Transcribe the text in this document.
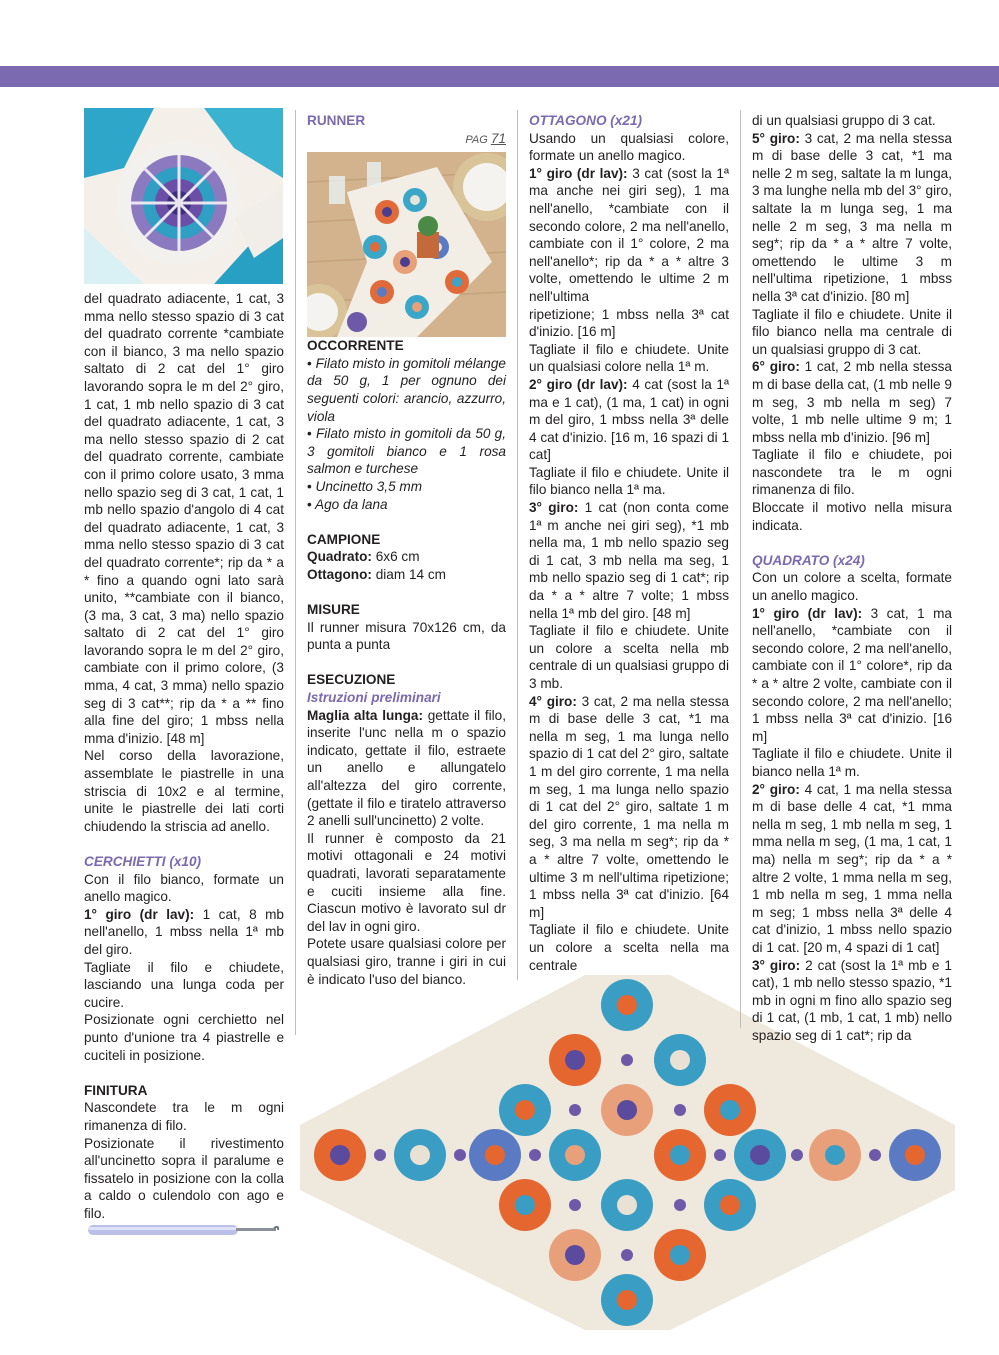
del quadrato adiacente, 1 cat, 3 mma nello stesso spazio di 3 cat del quadrato corrente *cambiate con il bianco, 3 ma nello spazio saltato di 2 cat del 1° giro lavorando sopra le m del 2° giro, 1 cat, 1 mb nello spazio di 3 cat del quadrato adiacente, 1 cat, 3 ma nello stesso spazio di 2 cat del quadrato corrente, cambiate con il primo colore usato, 3 mma nello spazio seg di 3 cat, 1 cat, 1 mb nello spazio d'angolo di 4 cat del quadrato adiacente, 1 cat, 3 mma nello stesso spazio di 3 cat del quadrato corrente*; rip da * a * fino a quando ogni lato sarà unito, **cambiate con il bianco, (3 ma, 3 cat, 3 ma) nello spazio saltato di 2 cat del 1° giro lavorando sopra le m del 2° giro, cambiate con il primo colore, (3 mma, 4 cat, 3 mma) nello spazio seg di 3 cat**; rip da * a ** fino alla fine del giro; 1 mbss nella mma d'inizio. [48 m]

Nel corso della lavorazione, assemblate le piastrelle in una striscia di 10x2 e al termine, unite le piastrelle dei lati corti chiudendo la striscia ad anello.

CERCHIETTI (x10)

Con il filo bianco, formate un anello magico.

1° giro (dr lav): 1 cat, 8 mb nell'anello, 1 mbss nella 1ª mb del giro.

Tagliate il filo e chiudete, lasciando una lunga coda per cucire.

Posizionate ogni cerchietto nel punto d'unione tra 4 piastrelle e cuciteli in posizione.

FINITURA

Nascondete tra le m ogni rimanenza di filo.

Posizionate il rivestimento all'uncinetto sopra il paralume e fissatelo in posizione con la colla a caldo o culendolo con ago e filo.

RUNNER

PAG 71

OCCORRENTE

• Filato misto in gomitoli mélange da 50 g, 1 per ognuno dei seguenti colori: arancio, azzurro, viola

• Filato misto in gomitoli da 50 g, 3 gomitoli bianco e 1 rosa salmon e turchese

• Uncinetto 3,5 mm

• Ago da lana

CAMPIONE

Quadrato: 6x6 cm

Ottagono: diam 14 cm

MISURE

Il runner misura 70x126 cm, da punta a punta

ESECUZIONE

Istruzioni preliminari

Maglia alta lunga: gettate il filo, inserite l'unc nella m o spazio indicato, gettate il filo, estraete un anello e allungatelo all'altezza del giro corrente, (gettate il filo e tiratelo attraverso 2 anelli sull'uncinetto) 2 volte.

Il runner è composto da 21 motivi ottagonali e 24 motivi quadrati, lavorati separatamente e cuciti insieme alla fine. Ciascun motivo è lavorato sul dr del lav in ogni giro.

Potete usare qualsiasi colore per qualsiasi giro, tranne i giri in cui è indicato l'uso del bianco.

OTTAGONO (x21)

Usando un qualsiasi colore, formate un anello magico.

1° giro (dr lav): 3 cat (sost la 1ª ma anche nei giri seg), 1 ma nell'anello, *cambiate con il secondo colore, 2 ma nell'anello, cambiate con il 1° colore, 2 ma nell'anello*; rip da * a * altre 3 volte, omettendo le ultime 2 m nell'ultima

ripetizione; 1 mbss nella 3ª cat d'inizio. [16 m]

Tagliate il filo e chiudete. Unite un qualsiasi colore nella 1ª m.

2° giro (dr lav): 4 cat (sost la 1ª ma e 1 cat), (1 ma, 1 cat) in ogni m del giro, 1 mbss nella 3ª delle 4 cat d'inizio. [16 m, 16 spazi di 1 cat]

Tagliate il filo e chiudete. Unite il filo bianco nella 1ª ma.

3° giro: 1 cat (non conta come 1ª m anche nei giri seg), *1 mb nella ma, 1 mb nello spazio seg di 1 cat, 3 mb nella ma seg, 1 mb nello spazio seg di 1 cat*; rip da * a * altre 7 volte; 1 mbss nella 1ª mb del giro. [48 m]

Tagliate il filo e chiudete. Unite un colore a scelta nella mb centrale di un qualsiasi gruppo di 3 mb.

4° giro: 3 cat, 2 ma nella stessa m di base delle 3 cat, *1 ma nella m seg, 1 ma lunga nello spazio di 1 cat del 2° giro, saltate 1 m del giro corrente, 1 ma nella m seg, 1 ma lunga nello spazio di 1 cat del 2° giro, saltate 1 m del giro corrente, 1 ma nella m seg, 3 ma nella m seg*; rip da * a * altre 7 volte, omettendo le ultime 3 m nell'ultima ripetizione; 1 mbss nella 3ª cat d'inizio. [64 m]

Tagliate il filo e chiudete. Unite un colore a scelta nella ma centrale

di un qualsiasi gruppo di 3 cat.

5° giro: 3 cat, 2 ma nella stessa m di base delle 3 cat, *1 ma nelle 2 m seg, saltate la m lunga, 3 ma lunghe nella mb del 3° giro, saltate la m lunga seg, 1 ma nelle 2 m seg, 3 ma nella m seg*; rip da * a * altre 7 volte, omettendo le ultime 3 m nell'ultima ripetizione, 1 mbss nella 3ª cat d'inizio. [80 m]

Tagliate il filo e chiudete. Unite il filo bianco nella ma centrale di un qualsiasi gruppo di 3 cat.

6° giro: 1 cat, 2 mb nella stessa m di base della cat, (1 mb nelle 9 m seg, 3 mb nella m seg) 7 volte, 1 mb nelle ultime 9 m; 1 mbss nella mb d'inizio. [96 m]

Tagliate il filo e chiudete, poi nascondete tra le m ogni rimanenza di filo.

Bloccate il motivo nella misura indicata.

QUADRATO (x24)

Con un colore a scelta, formate un anello magico.

1° giro (dr lav): 3 cat, 1 ma nell'anello, *cambiate con il secondo colore, 2 ma nell'anello, cambiate con il 1° colore*, rip da * a * altre 2 volte, cambiate con il secondo colore, 2 ma nell'anello; 1 mbss nella 3ª cat d'inizio. [16 m]

Tagliate il filo e chiudete. Unite il bianco nella 1ª m.

2° giro: 4 cat, 1 ma nella stessa m di base delle 4 cat, *1 mma nella m seg, 1 mb nella m seg, 1 mma nella m seg, (1 ma, 1 cat, 1 ma) nella m seg*; rip da * a * altre 2 volte, 1 mma nella m seg, 1 mb nella m seg, 1 mma nella m seg; 1 mbss nella 3ª delle 4 cat d'inizio, 1 mbss nello spazio di 1 cat. [20 m, 4 spazi di 1 cat]

3° giro: 2 cat (sost la 1ª mb e 1 cat), 1 mb nello stesso spazio, *1 mb in ogni m fino allo spazio seg di 1 cat, (1 mb, 1 cat, 1 mb) nello spazio seg di 1 cat*; rip da
